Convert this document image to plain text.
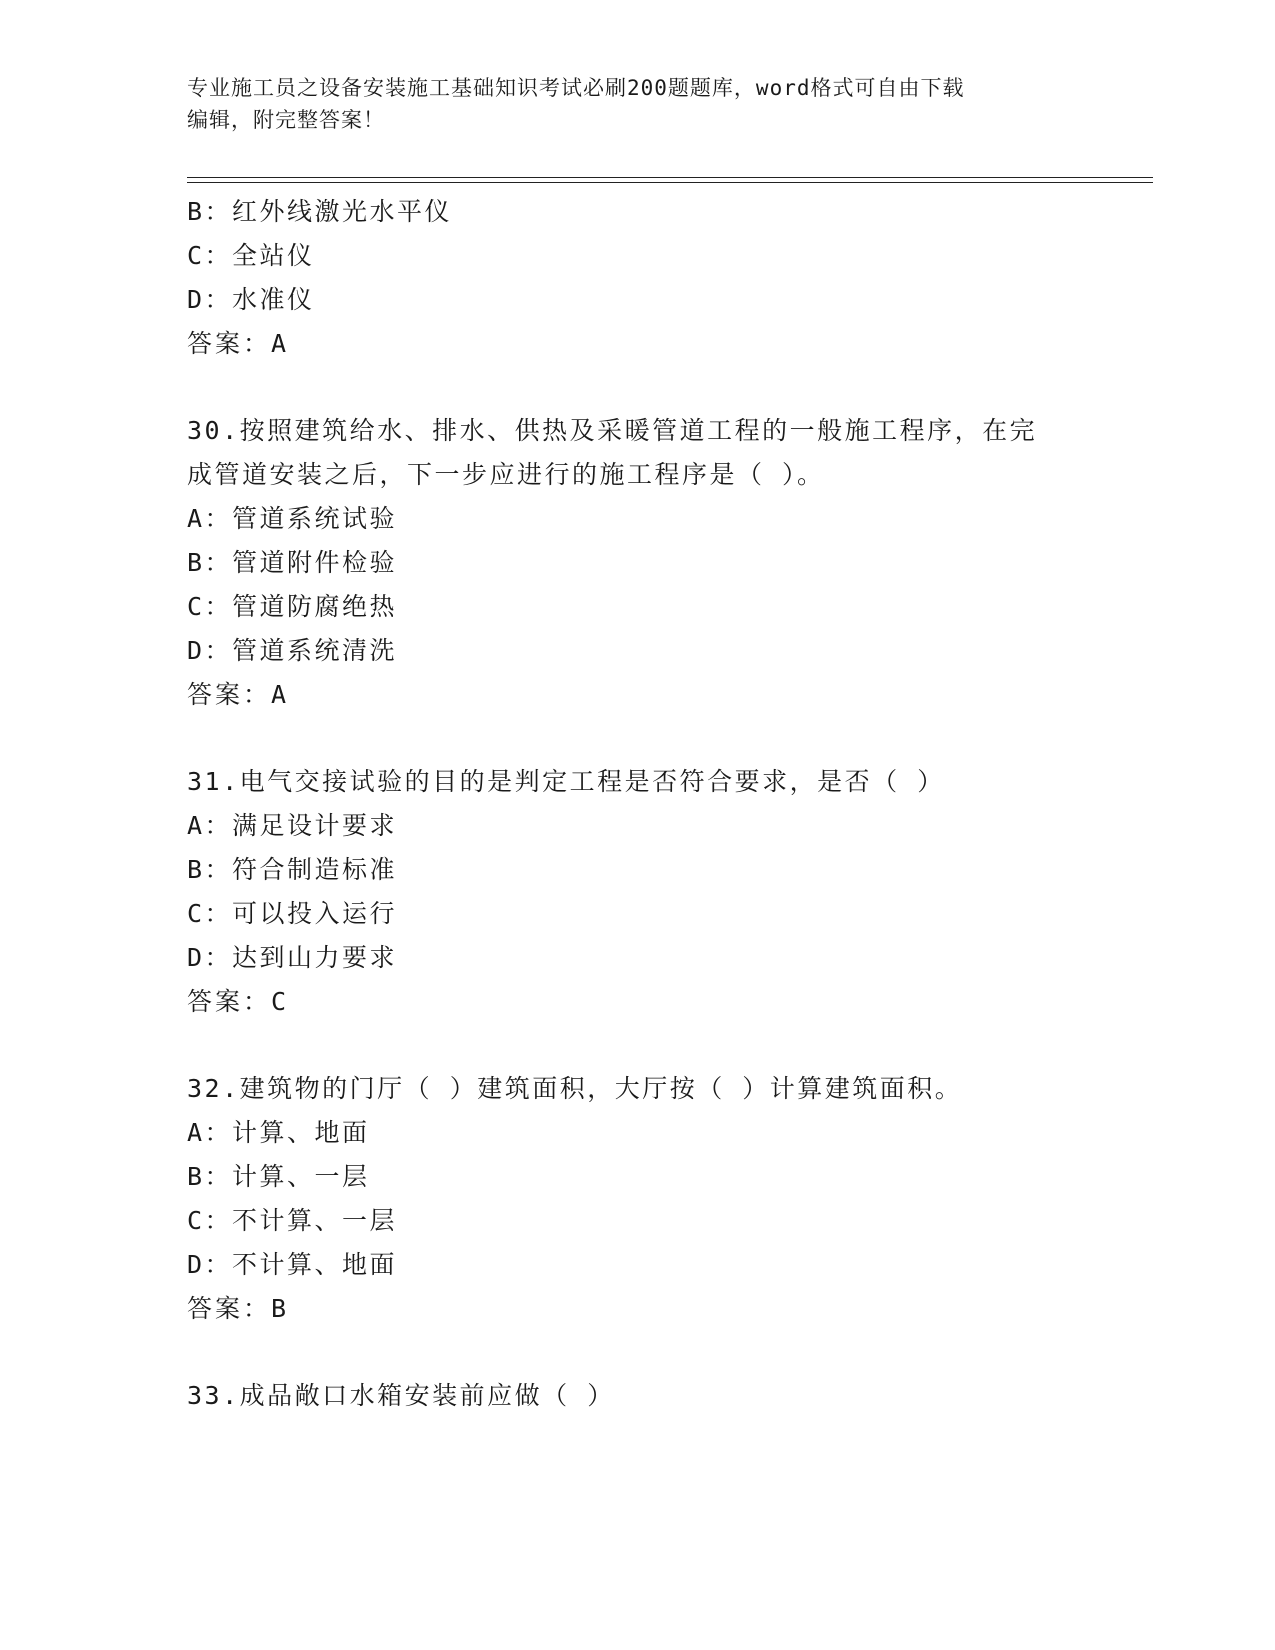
专业施工员之设备安装施工基础知识考试必刷200题题库，word格式可自由下载
编辑，附完整答案！
B：红外线激光水平仪
C：全站仪
D：水准仪
答案：A
30.按照建筑给水、排水、供热及采暖管道工程的一般施工程序，在完
成管道安装之后，下一步应进行的施工程序是（ ）。
A：管道系统试验
B：管道附件检验
C：管道防腐绝热
D：管道系统清洗
答案：A
31.电气交接试验的目的是判定工程是否符合要求，是否（ ）
A：满足设计要求
B：符合制造标准
C：可以投入运行
D：达到山力要求
答案：C
32.建筑物的门厅（ ）建筑面积，大厅按（ ）计算建筑面积。
A：计算、地面
B：计算、一层
C：不计算、一层
D：不计算、地面
答案：B
33.成品敞口水箱安装前应做（ ）
